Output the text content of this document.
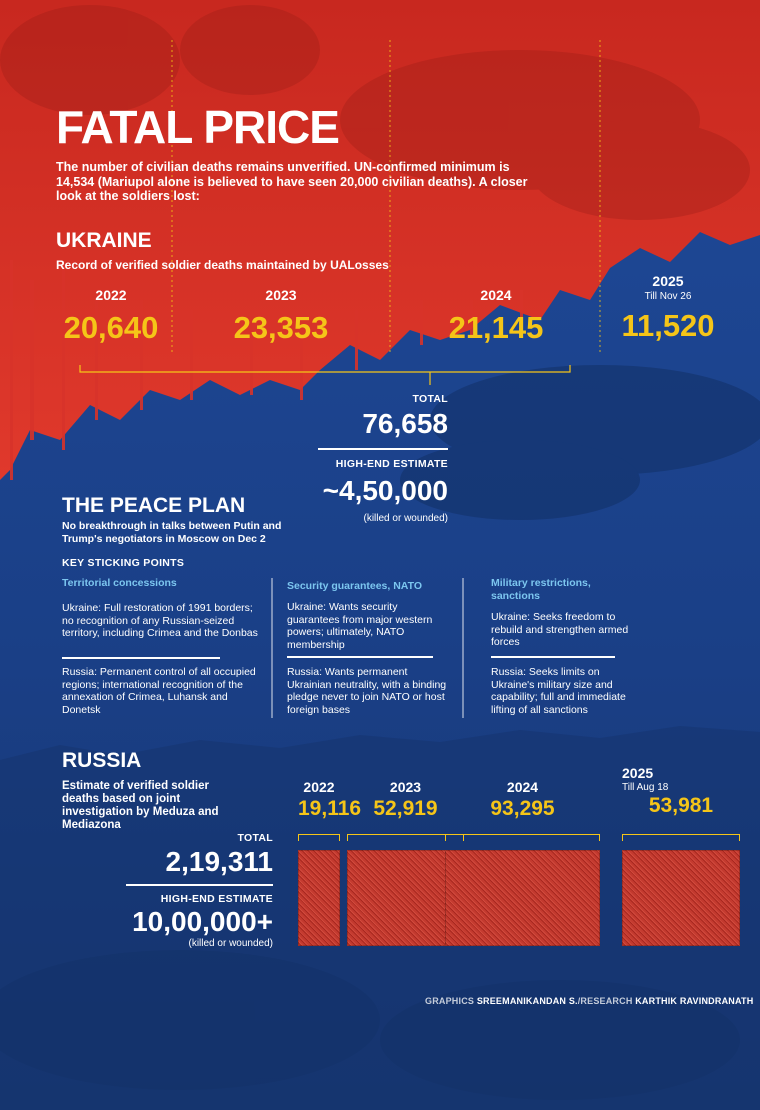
FATAL PRICE
The number of civilian deaths remains unverified. UN-confirmed minimum is 14,534 (Mariupol alone is believed to have seen 20,000 civilian deaths). A closer look at the soldiers lost:
UKRAINE
Record of verified soldier deaths maintained by UALosses
2022
20,640
2023
23,353
2024
21,145
2025
Till Nov 26
11,520
TOTAL
76,658
HIGH-END ESTIMATE
~4,50,000
(killed or wounded)
THE PEACE PLAN
No breakthrough in talks between Putin and Trump's negotiators in Moscow on Dec 2
KEY STICKING POINTS
Territorial concessions
Ukraine: Full restoration of 1991 borders; no recognition of any Russian-seized territory, including Crimea and the Donbas
Russia: Permanent control of all occupied regions; international recognition of the annexation of Crimea, Luhansk and Donetsk
Security guarantees, NATO
Ukraine: Wants security guarantees from major western powers; ultimately, NATO membership
Russia: Wants permanent Ukrainian neutrality, with a binding pledge never to join NATO or host foreign bases
Military restrictions, sanctions
Ukraine: Seeks freedom to rebuild and strengthen armed forces
Russia: Seeks limits on Ukraine's military size and capability; full and immediate lifting of all sanctions
RUSSIA
Estimate of verified soldier deaths based on joint investigation by Meduza and Mediazona
TOTAL
2,19,311
HIGH-END ESTIMATE
10,00,000+
(killed or wounded)
2022
19,116
2023
52,919
2024
93,295
2025
Till Aug 18
53,981
GRAPHICS SREEMANIKANDAN S./RESEARCH KARTHIK RAVINDRANATH
